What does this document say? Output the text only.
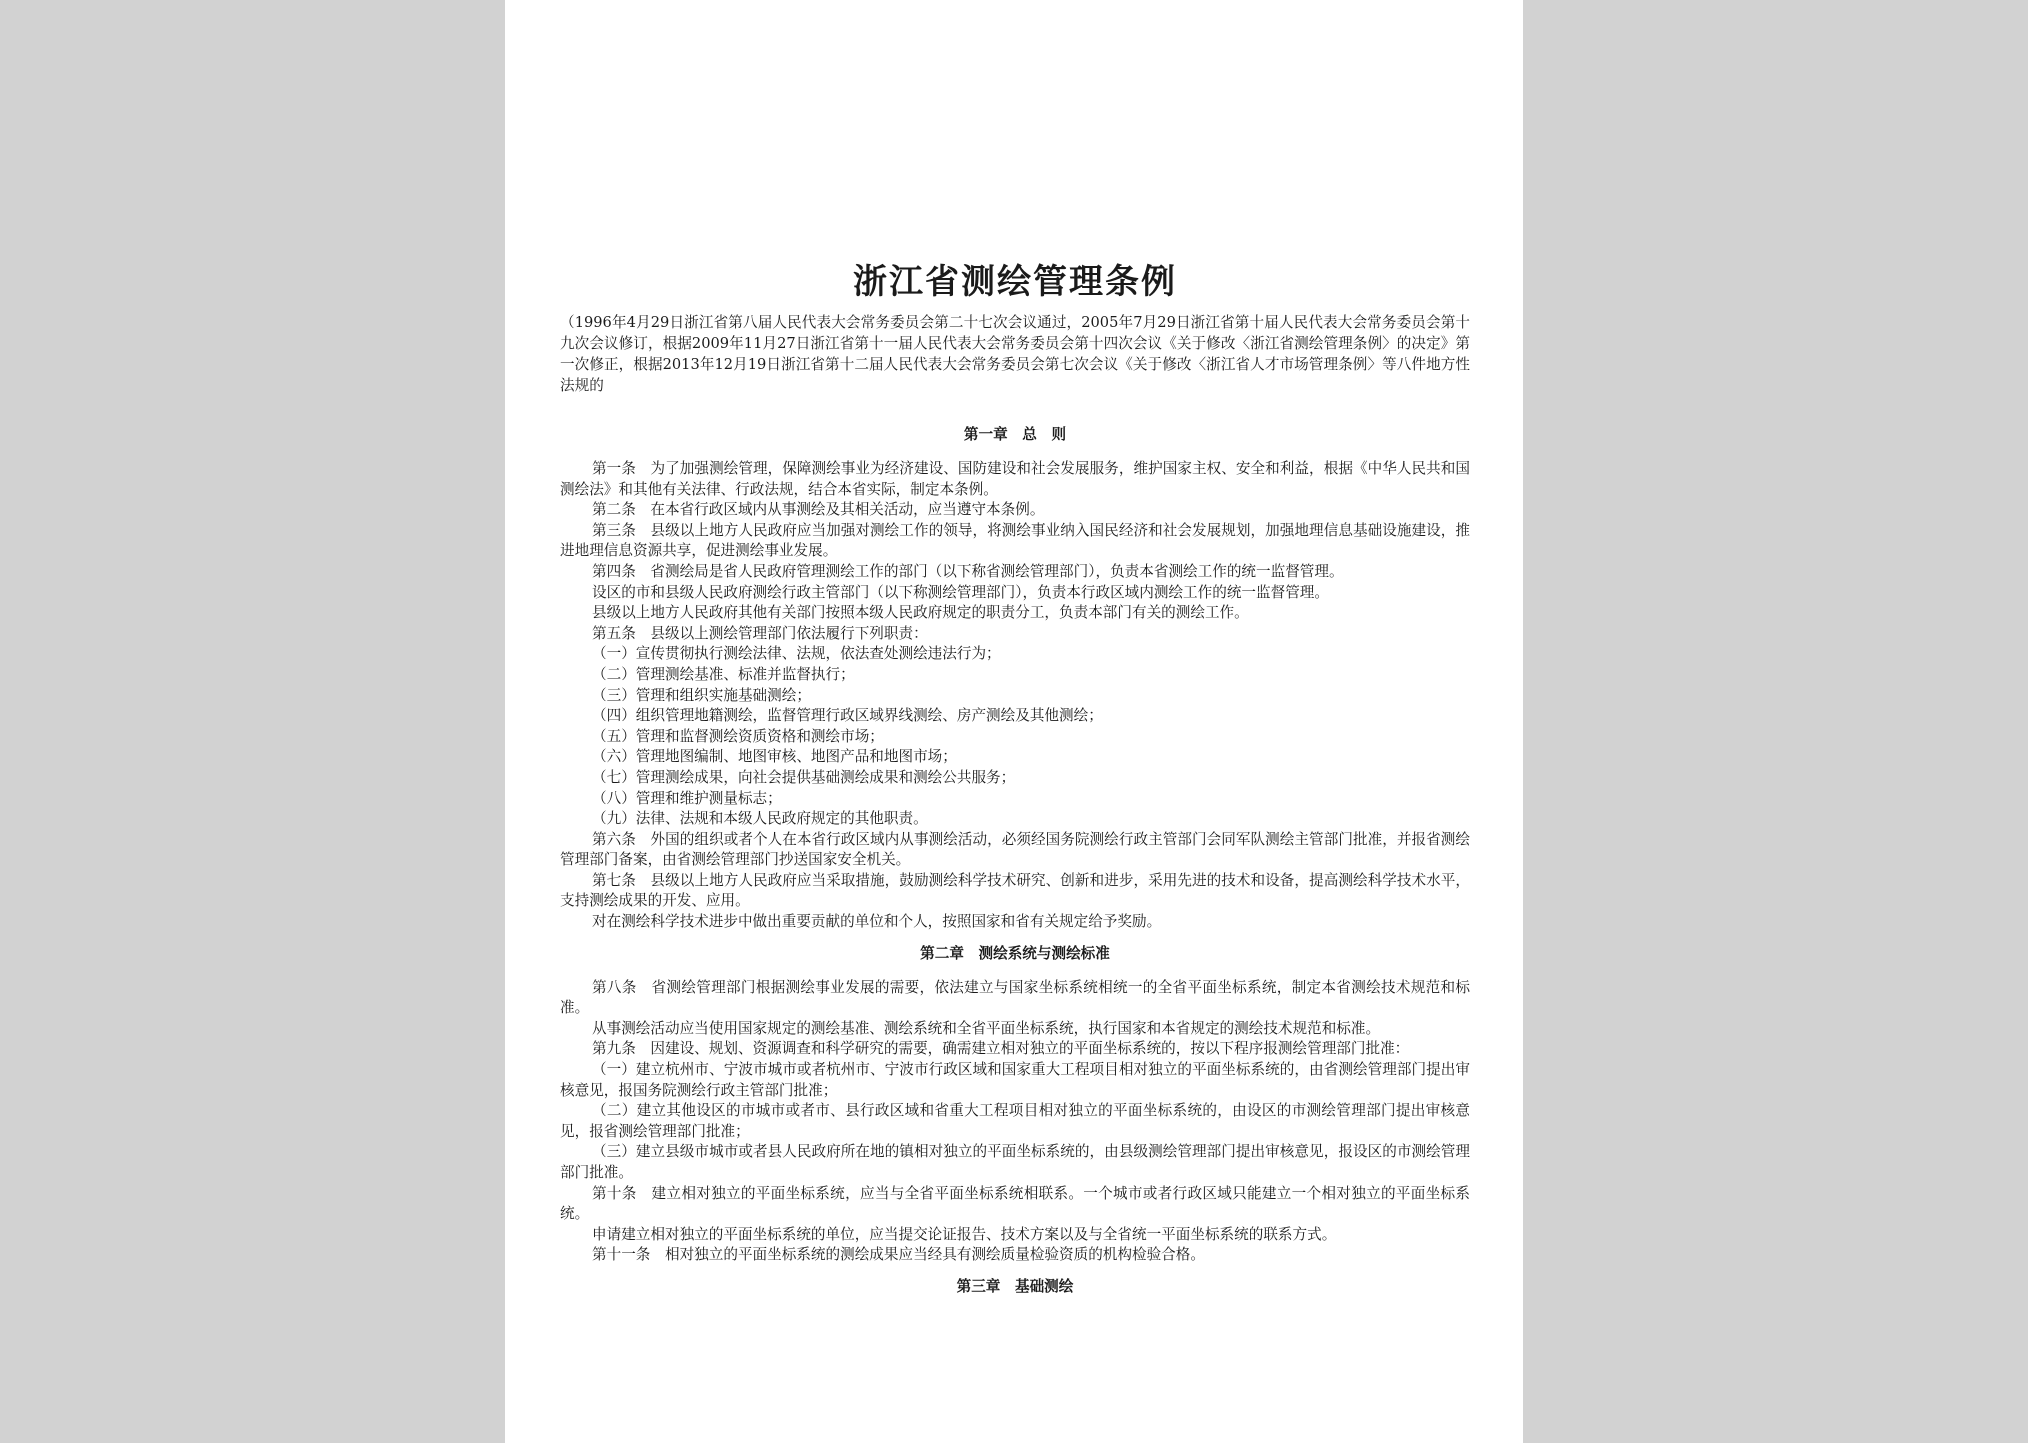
浙江省测绘管理条例

（1996年4月29日浙江省第八届人民代表大会常务委员会第二十七次会议通过，2005年7月29日浙江省第十届人民代表大会常务委员会第十九次会议修订，根据2009年11月27日浙江省第十一届人民代表大会常务委员会第十四次会议《关于修改〈浙江省测绘管理条例〉的决定》第一次修正，根据2013年12月19日浙江省第十二届人民代表大会常务委员会第七次会议《关于修改〈浙江省人才市场管理条例〉等八件地方性法规的

第一章　总　则

第一条　为了加强测绘管理，保障测绘事业为经济建设、国防建设和社会发展服务，维护国家主权、安全和利益，根据《中华人民共和国测绘法》和其他有关法律、行政法规，结合本省实际，制定本条例。

第二条　在本省行政区域内从事测绘及其相关活动，应当遵守本条例。

第三条　县级以上地方人民政府应当加强对测绘工作的领导，将测绘事业纳入国民经济和社会发展规划，加强地理信息基础设施建设，推进地理信息资源共享，促进测绘事业发展。

第四条　省测绘局是省人民政府管理测绘工作的部门（以下称省测绘管理部门），负责本省测绘工作的统一监督管理。

设区的市和县级人民政府测绘行政主管部门（以下称测绘管理部门），负责本行政区域内测绘工作的统一监督管理。

县级以上地方人民政府其他有关部门按照本级人民政府规定的职责分工，负责本部门有关的测绘工作。

第五条　县级以上测绘管理部门依法履行下列职责：

（一）宣传贯彻执行测绘法律、法规，依法查处测绘违法行为；

（二）管理测绘基准、标准并监督执行；

（三）管理和组织实施基础测绘；

（四）组织管理地籍测绘，监督管理行政区域界线测绘、房产测绘及其他测绘；

（五）管理和监督测绘资质资格和测绘市场；

（六）管理地图编制、地图审核、地图产品和地图市场；

（七）管理测绘成果，向社会提供基础测绘成果和测绘公共服务；

（八）管理和维护测量标志；

（九）法律、法规和本级人民政府规定的其他职责。

第六条　外国的组织或者个人在本省行政区域内从事测绘活动，必须经国务院测绘行政主管部门会同军队测绘主管部门批准，并报省测绘管理部门备案，由省测绘管理部门抄送国家安全机关。

第七条　县级以上地方人民政府应当采取措施，鼓励测绘科学技术研究、创新和进步，采用先进的技术和设备，提高测绘科学技术水平，支持测绘成果的开发、应用。

对在测绘科学技术进步中做出重要贡献的单位和个人，按照国家和省有关规定给予奖励。

第二章　测绘系统与测绘标准

第八条　省测绘管理部门根据测绘事业发展的需要，依法建立与国家坐标系统相统一的全省平面坐标系统，制定本省测绘技术规范和标准。

从事测绘活动应当使用国家规定的测绘基准、测绘系统和全省平面坐标系统，执行国家和本省规定的测绘技术规范和标准。

第九条　因建设、规划、资源调查和科学研究的需要，确需建立相对独立的平面坐标系统的，按以下程序报测绘管理部门批准：

（一）建立杭州市、宁波市城市或者杭州市、宁波市行政区域和国家重大工程项目相对独立的平面坐标系统的，由省测绘管理部门提出审核意见，报国务院测绘行政主管部门批准；

（二）建立其他设区的市城市或者市、县行政区域和省重大工程项目相对独立的平面坐标系统的，由设区的市测绘管理部门提出审核意见，报省测绘管理部门批准；

（三）建立县级市城市或者县人民政府所在地的镇相对独立的平面坐标系统的，由县级测绘管理部门提出审核意见，报设区的市测绘管理部门批准。

第十条　建立相对独立的平面坐标系统，应当与全省平面坐标系统相联系。一个城市或者行政区域只能建立一个相对独立的平面坐标系统。

申请建立相对独立的平面坐标系统的单位，应当提交论证报告、技术方案以及与全省统一平面坐标系统的联系方式。

第十一条　相对独立的平面坐标系统的测绘成果应当经具有测绘质量检验资质的机构检验合格。

第三章　基础测绘
